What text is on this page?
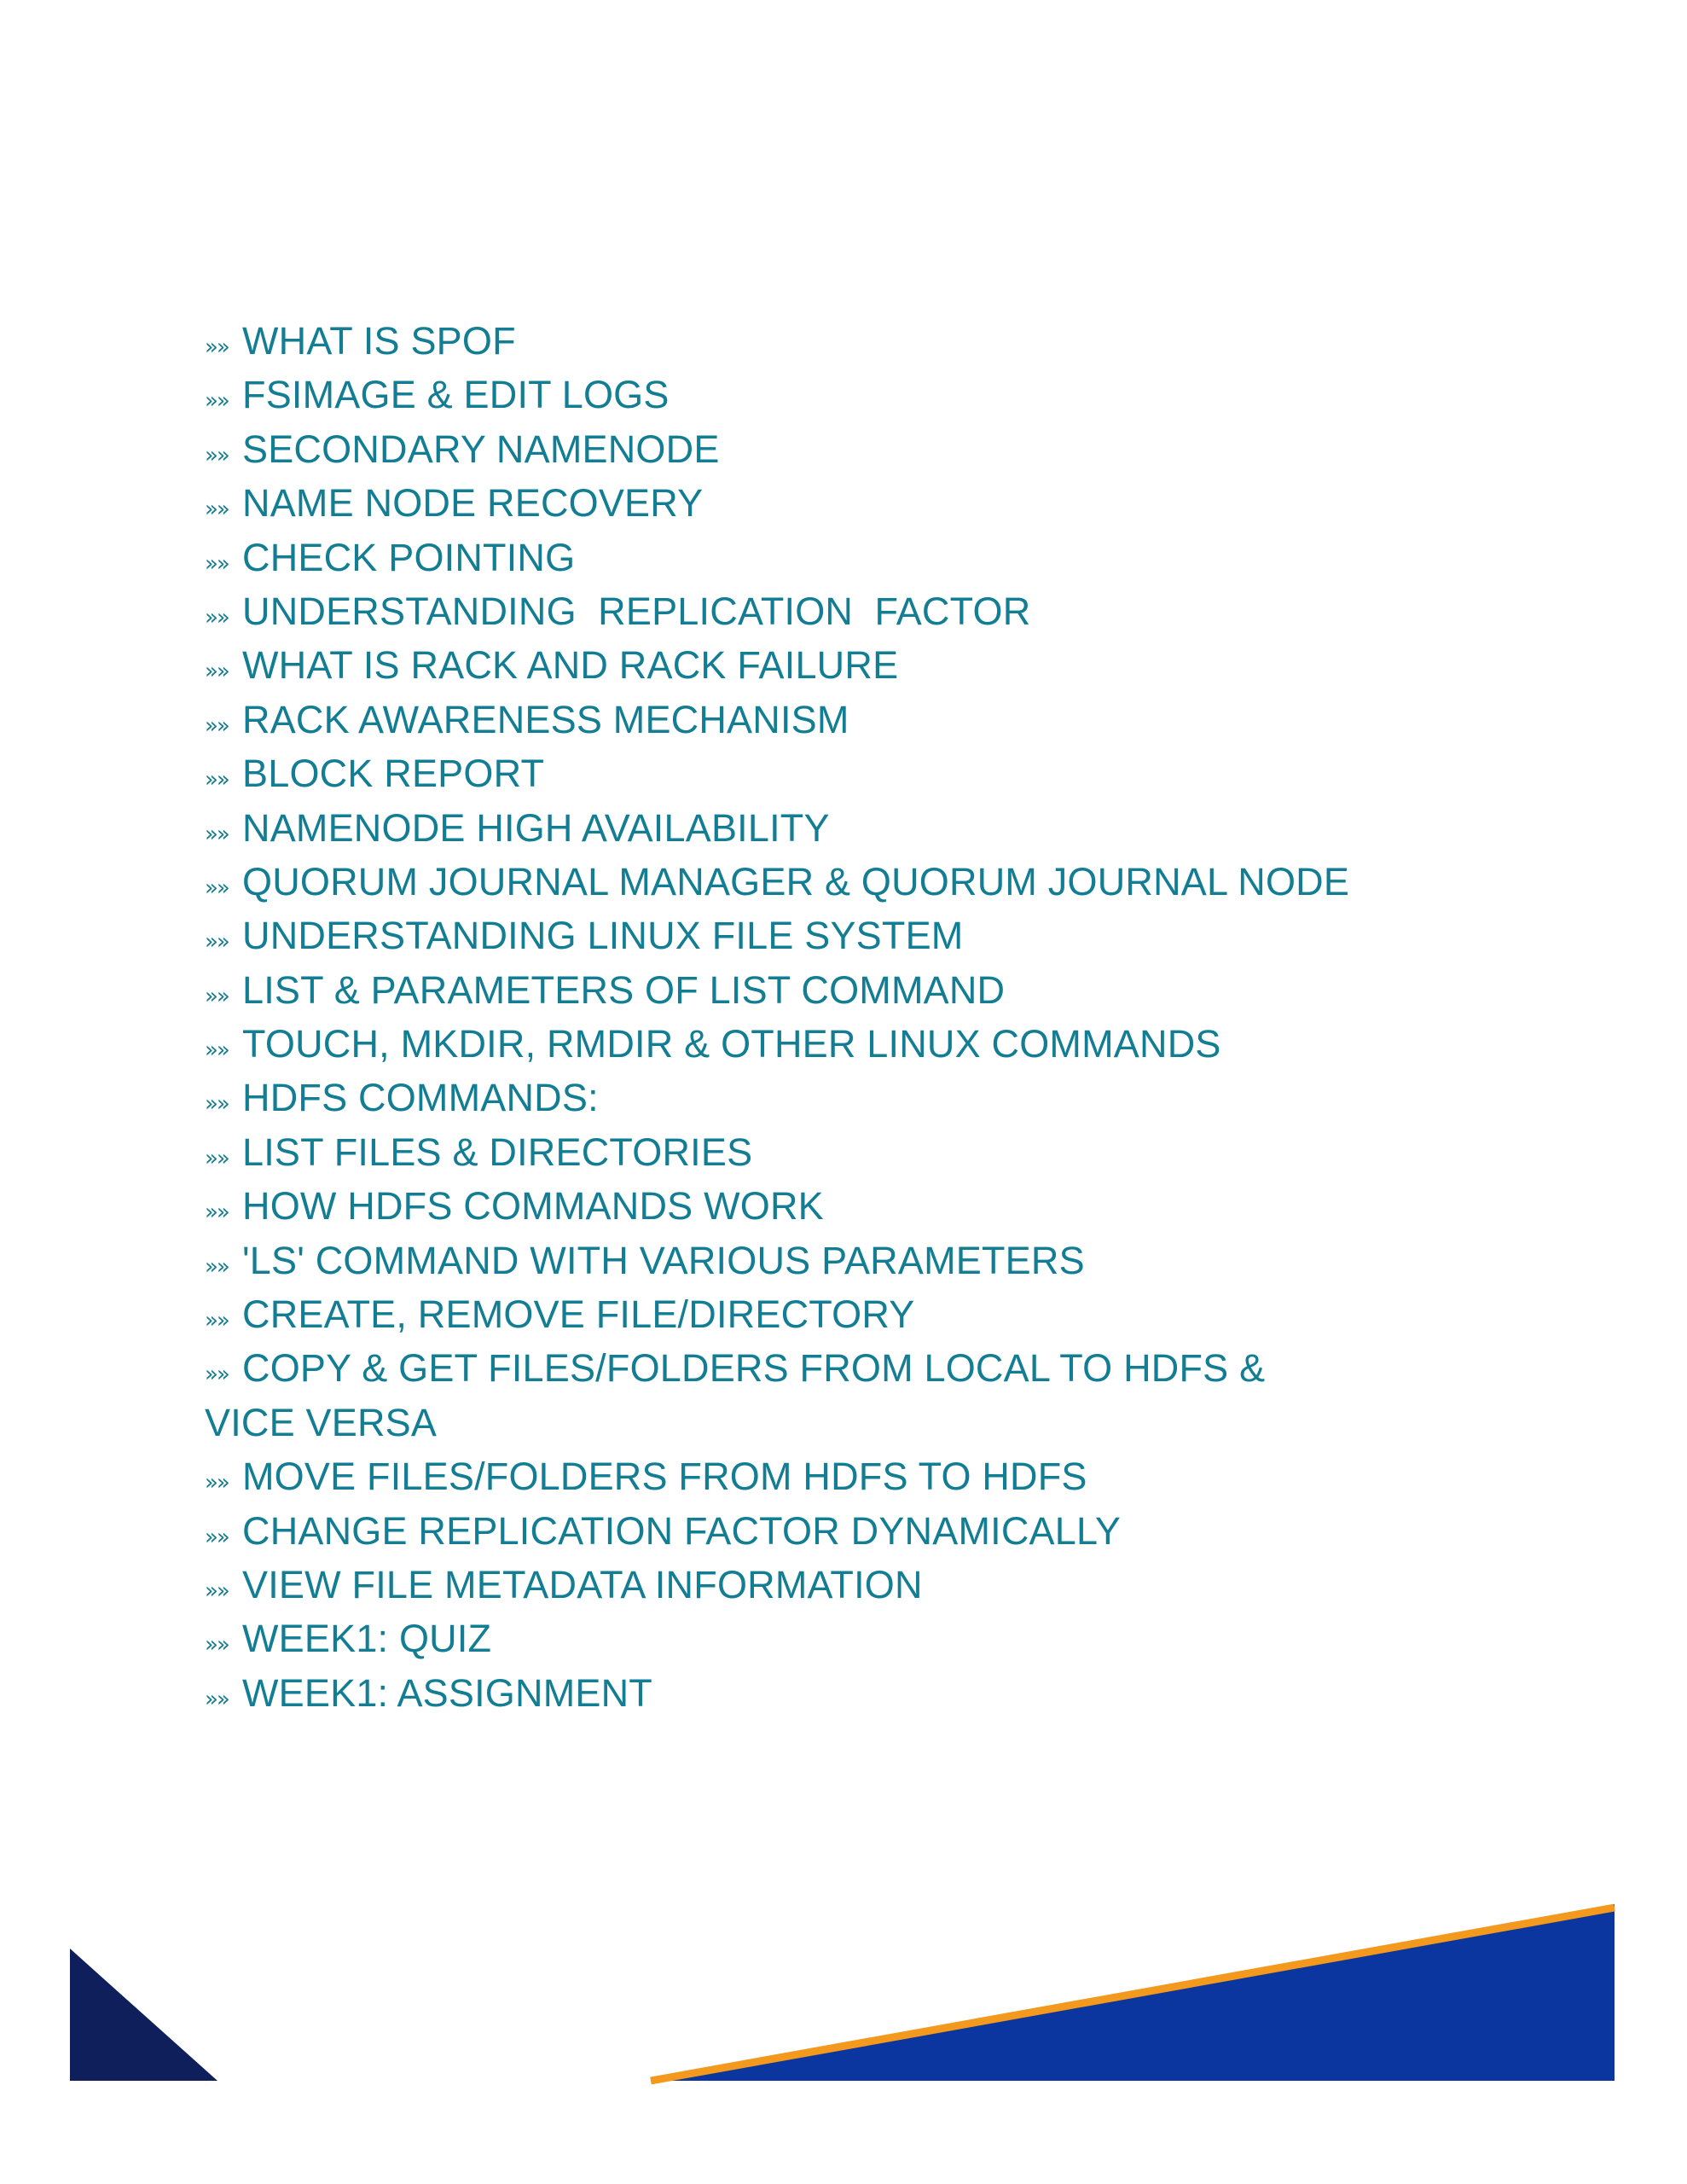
»» WHAT IS SPOF
»» FSIMAGE & EDIT LOGS
»» SECONDARY NAMENODE
»» NAME NODE RECOVERY
»» CHECK POINTING
»» UNDERSTANDING  REPLICATION  FACTOR
»» WHAT IS RACK AND RACK FAILURE
»» RACK AWARENESS MECHANISM
»» BLOCK REPORT
»» NAMENODE HIGH AVAILABILITY
»» QUORUM JOURNAL MANAGER & QUORUM JOURNAL NODE
»» UNDERSTANDING LINUX FILE SYSTEM
»» LIST & PARAMETERS OF LIST COMMAND
»» TOUCH, MKDIR, RMDIR & OTHER LINUX COMMANDS
»» HDFS COMMANDS:
»» LIST FILES & DIRECTORIES
»» HOW HDFS COMMANDS WORK
»» 'LS' COMMAND WITH VARIOUS PARAMETERS
»» CREATE, REMOVE FILE/DIRECTORY
»» COPY & GET FILES/FOLDERS FROM LOCAL TO HDFS &
VICE VERSA
»» MOVE FILES/FOLDERS FROM HDFS TO HDFS
»» CHANGE REPLICATION FACTOR DYNAMICALLY
»» VIEW FILE METADATA INFORMATION
»» WEEK1: QUIZ
»» WEEK1: ASSIGNMENT
